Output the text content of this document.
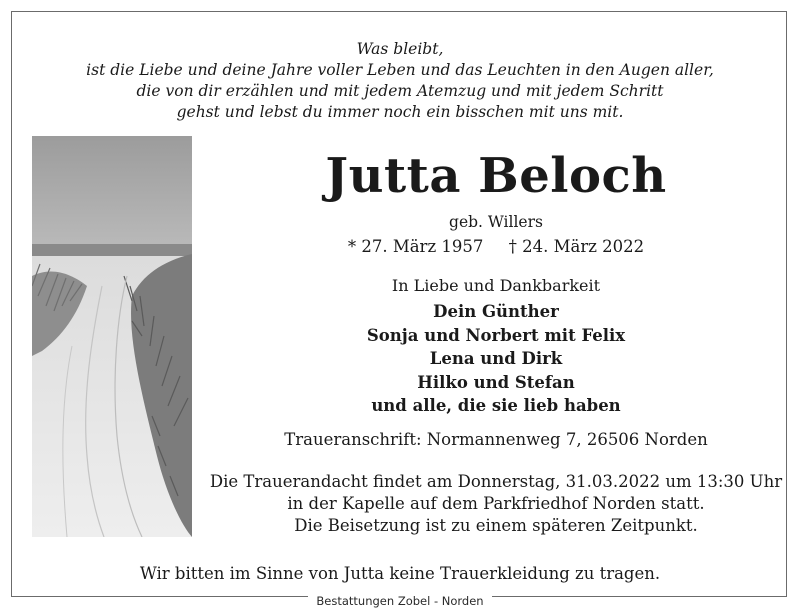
Was bleibt,
ist die Liebe und deine Jahre voller Leben und das Leuchten in den Augen aller,
die von dir erzählen und mit jedem Atemzug und mit jedem Schritt
gehst und lebst du immer noch ein bisschen mit uns mit.
Jutta Beloch
geb. Willers
* 27. März 1957 † 24. März 2022
In Liebe und Dankbarkeit
Dein Günther
Sonja und Norbert mit Felix
Lena und Dirk
Hilko und Stefan
und alle, die sie lieb haben
Traueranschrift: Normannenweg 7, 26506 Norden
Die Trauerandacht findet am Donnerstag, 31.03.2022 um 13:30 Uhr
in der Kapelle auf dem Parkfriedhof Norden statt.
Die Beisetzung ist zu einem späteren Zeitpunkt.
Wir bitten im Sinne von Jutta keine Trauerkleidung zu tragen.
Bestattungen Zobel - Norden
